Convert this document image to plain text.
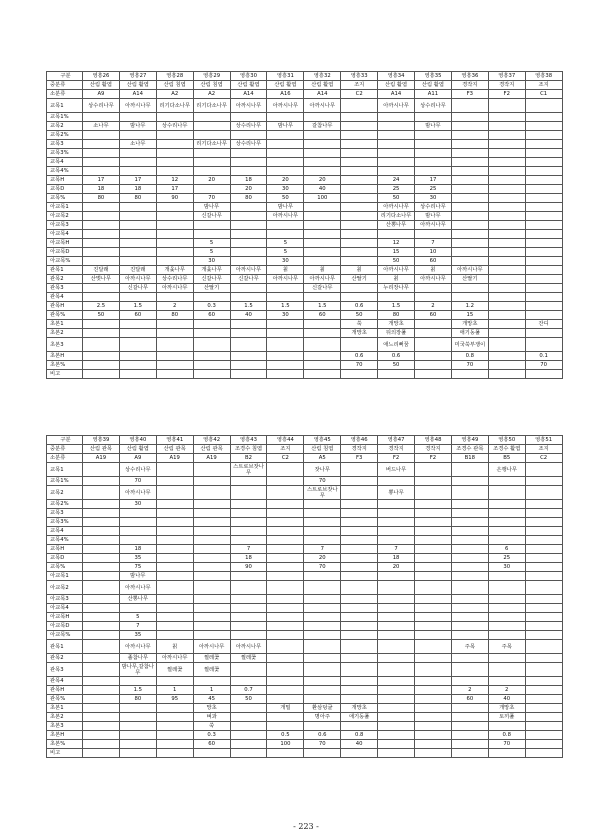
구분	영흥26	영흥27	영흥28	영흥29	영흥30	영흥31	영흥32	영흥33	영흥34	영흥35	영흥36	영흥37	영흥38
중분류	산림 활엽	산림 활엽	산림 침엽	산림 침엽	산림 활엽	산림 활엽	산림 활엽	조지	산림 활엽	산림 활엽	경작지	경작지	조지
소분류	A9	A14	A2	A2	A14	A16	A14	C2	A14	A11	F3	F2	C1
교목1	상수리나무	아까시나무	리기다소나무	리기다소나무	아까시나무	아까시나무	아까시나무		아까시나무	상수리나무			
교목1%													
교목2	소나무	밤나무	상수리나무		상수리나무	밤나무	갈참나무			밤나무			
교목2%													
교목3		소나무		리기다소나무	상수리나무								
교목3%													
교목4													
교목4%													
교목H	17	17	12	20	18	20	20		24	17			
교목D	18	18	17		20	30	40		25	25			
교목%	80	80	90	70	80	50	100		50	30			
아교목1				밤나무		밤나무			아까시나무	상수리나무			
아교목2				신갈나무		아까시나무			리기다소나무	밤나무			
아교목3									산뽕나무	아까시나무			
아교목4													
아교목H				5		5			12	7			
아교목D				5		5			15	10			
아교목%				30		30			50	60			
관목1	진달래	진달래	개옻나무	개옻나무	아까시나무	칡	칡	칡	아까시나무	칡	아까시나무		
관목2	산벚나무	아까시나무	상수리나무	신갈나무	신갈나무	아까시나무	아까시나무	산딸기	칡	아까시나무	산딸기		
관목3		신갈나무	아까시나무	산딸기			신갈나무		누리장나무				
관목4													
관목H	2.5	1.5	2	0.3	1.5	1.5	1.5	0.6	1.5	2	1.2		
관목%	50	60	80	60	40	30	60	50	80	60	15		
초본1								쑥	개망초		개망초		잔디
초본2								개망초	뒤의장풀		애기동풀		
초본3									애느리뻐꿈		미국쑥부쟁이		
초본H								0.6	0.6		0.8		0.1
초본%								70	50		70		70
비고													
구분	영흥39	영흥40	영흥41	영흥42	영흥43	영흥44	영흥45	영흥46	영흥47	영흥48	영흥49	영흥50	영흥51
중분류	산림 관목	산림 활엽	산림 관목	산림 관목	조경수 침엽	조지	산림 침엽	경작지	경작지	경작지	조경수 관목	조경수 활엽	조지
소분류	A19	A9	A19	A19	B2	C2	A5	F3	F2	F2	B18	B5	C2
교목1		상수리나무			스트로브잣나무		잣나무		버드나무			은행나무	
교목1%		70					70						
교목2		아까시나무					스트로브잣나무		뽕나무				
교목2%		30											
교목3													
교목3%													
교목4													
교목4%													
교목H		18			7		7		7			6	
교목D		35			18		20		18			25	
교목%		75			90		70		20			30	
아교목1		밤나무											
아교목2		아까시나무											
아교목3		산뽕나무											
아교목4													
아교목H		5											
아교목D		7											
아교목%		35											
관목1		아까시나무	칡	아까시나무	아까시나무						주목	주목	
관목2		졸참나무	아까시나무	찔레꽃	찔레꽃								
관목3		밤나무,갈참나무	찔레꽃	찔레꽃									
관목4													
관목H		1.5	1	1	0.7						2	2	
관목%		80	95	45	50						60	40	
초본1				망초		개밀	환삼덩굴	개망초				개망초	
초본2				벼과			명아주	애기동풀				토끼풀	
초본3				쑥									
초본H				0.3		0.5	0.6	0.8				0.8	
초본%				60		100	70	40				70	
비고													
- 223 -
